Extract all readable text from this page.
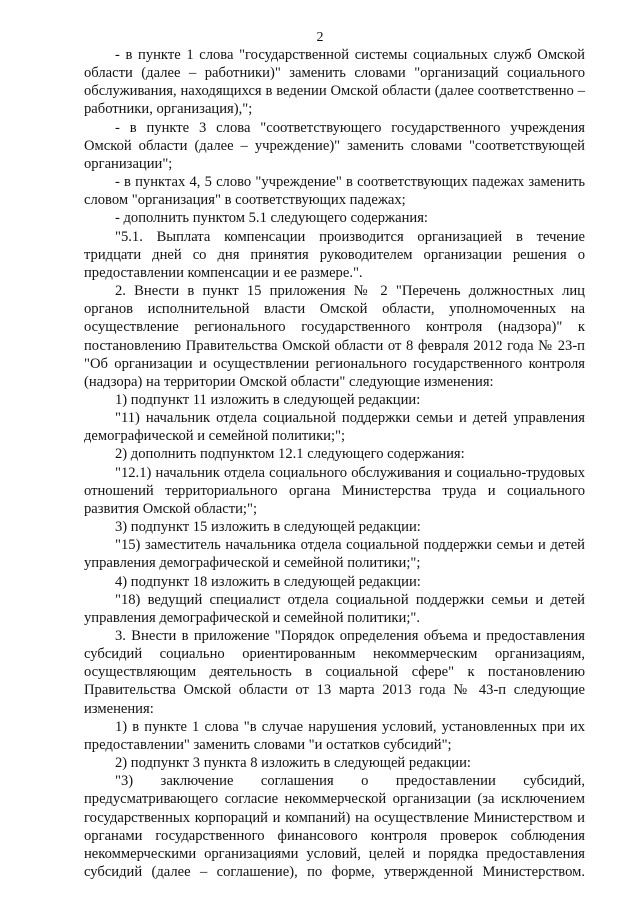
2

- в пункте 1 слова "государственной системы социальных служб Омской области (далее – работники)" заменить словами "организаций социального обслуживания, находящихся в ведении Омской области (далее соответственно – работники, организация),";

- в пункте 3 слова "соответствующего государственного учреждения Омской области (далее – учреждение)" заменить словами "соответствующей организации";

- в пунктах 4, 5 слово "учреждение" в соответствующих падежах заменить словом "организация" в соответствующих падежах;

- дополнить пунктом 5.1 следующего содержания:

"5.1. Выплата компенсации производится организацией в течение тридцати дней со дня принятия руководителем организации решения о предоставлении компенсации и ее размере.".

2. Внести в пункт 15 приложения № 2 "Перечень должностных лиц органов исполнительной власти Омской области, уполномоченных на осуществление регионального государственного контроля (надзора)" к постановлению Правительства Омской области от 8 февраля 2012 года № 23-п "Об организации и осуществлении регионального государственного контроля (надзора) на территории Омской области" следующие изменения:

1) подпункт 11 изложить в следующей редакции:

"11) начальник отдела социальной поддержки семьи и детей управления демографической и семейной политики;";

2) дополнить подпунктом 12.1 следующего содержания:

"12.1) начальник отдела социального обслуживания и социально-трудовых отношений территориального органа Министерства труда и социального развития Омской области;";

3) подпункт 15 изложить в следующей редакции:

"15) заместитель начальника отдела социальной поддержки семьи и детей управления демографической и семейной политики;";

4) подпункт 18 изложить в следующей редакции:

"18) ведущий специалист отдела социальной поддержки семьи и детей управления демографической и семейной политики;".

3. Внести в приложение "Порядок определения объема и предоставления субсидий социально ориентированным некоммерческим организациям, осуществляющим деятельность в социальной сфере" к постановлению Правительства Омской области от 13 марта 2013 года № 43-п следующие изменения:

1) в пункте 1 слова "в случае нарушения условий, установленных при их предоставлении" заменить словами "и остатков субсидий";

2) подпункт 3 пункта 8 изложить в следующей редакции:

"3) заключение соглашения о предоставлении субсидий, предусматривающего согласие некоммерческой организации (за исключением государственных корпораций и компаний) на осуществление Министерством и органами государственного финансового контроля проверок соблюдения некоммерческими организациями условий, целей и порядка предоставления субсидий (далее – соглашение), по форме, утвержденной Министерством.
